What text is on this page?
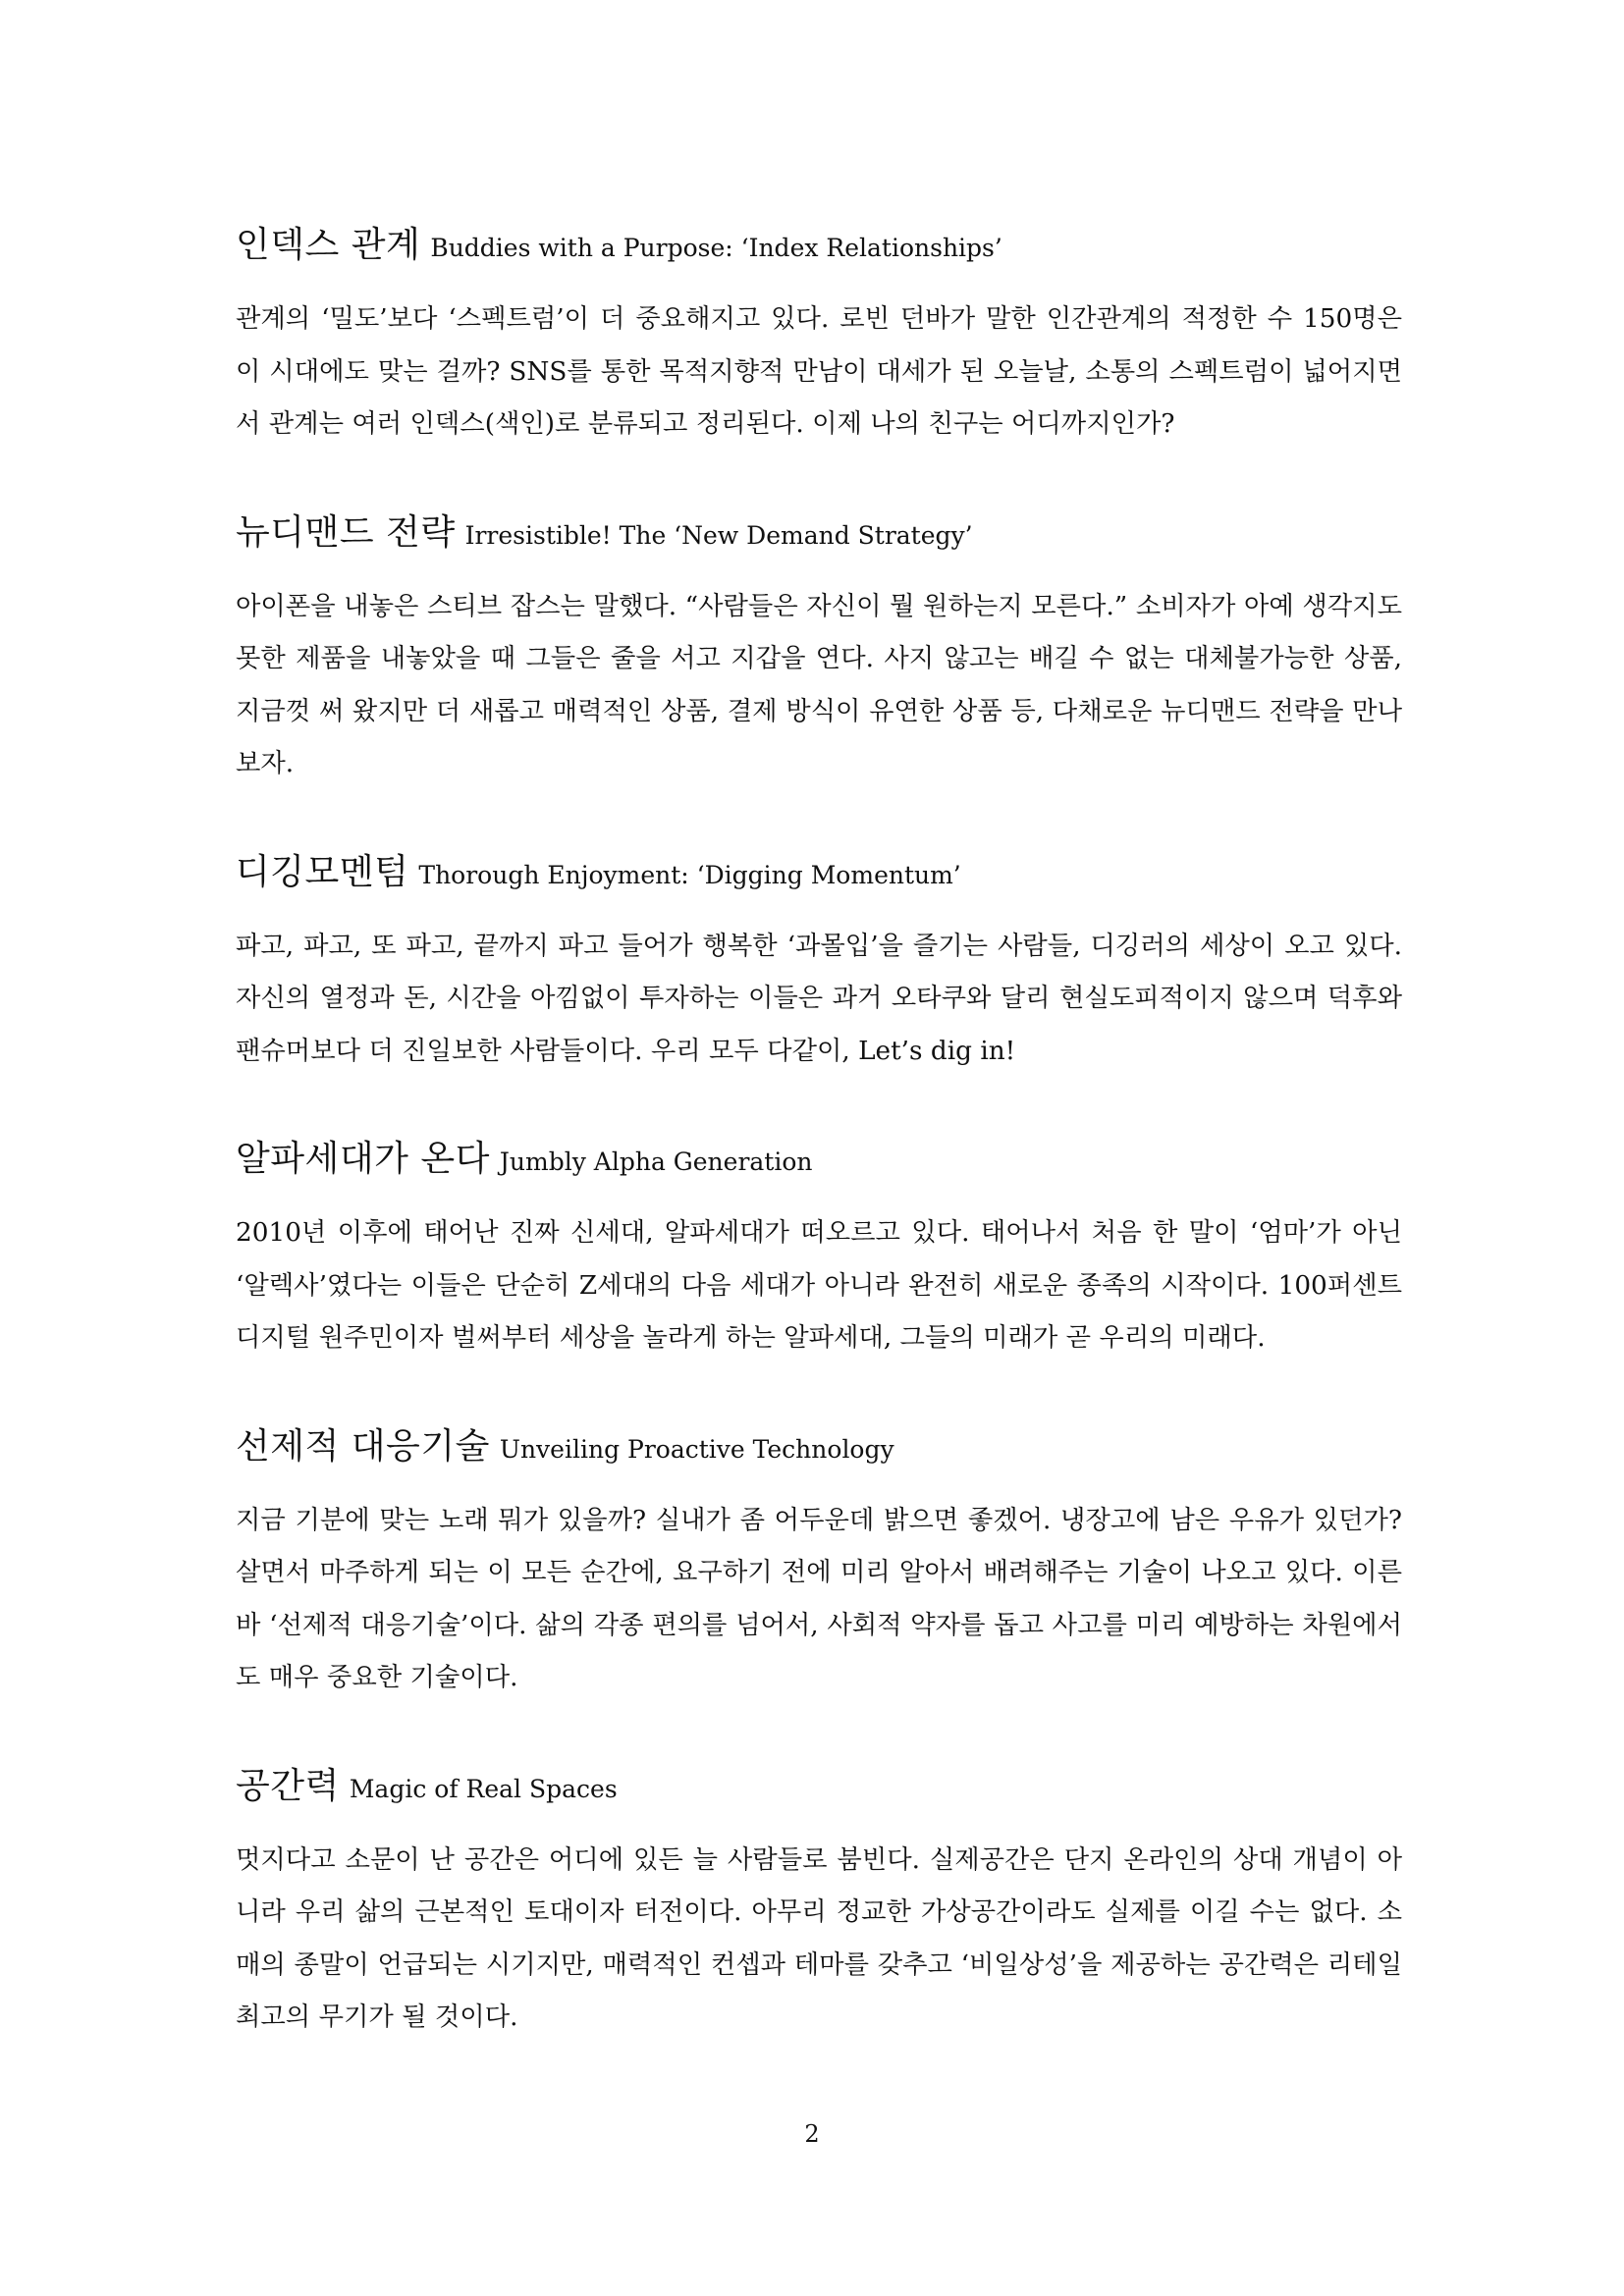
인덱스 관계 Buddies with a Purpose: ‘Index Relationships’

관계의 ‘밀도’보다 ‘스펙트럼’이 더 중요해지고 있다. 로빈 던바가 말한 인간관계의 적정한 수 150명은 이 시대에도 맞는 걸까? SNS를 통한 목적지향적 만남이 대세가 된 오늘날, 소통의 스펙트럼이 넓어지면서 관계는 여러 인덱스(색인)로 분류되고 정리된다. 이제 나의 친구는 어디까지인가?

뉴디맨드 전략 Irresistible! The ‘New Demand Strategy’

아이폰을 내놓은 스티브 잡스는 말했다. “사람들은 자신이 뭘 원하는지 모른다.” 소비자가 아예 생각지도 못한 제품을 내놓았을 때 그들은 줄을 서고 지갑을 연다. 사지 않고는 배길 수 없는 대체불가능한 상품, 지금껏 써 왔지만 더 새롭고 매력적인 상품, 결제 방식이 유연한 상품 등, 다채로운 뉴디맨드 전략을 만나보자.

디깅모멘텀 Thorough Enjoyment: ‘Digging Momentum’

파고, 파고, 또 파고, 끝까지 파고 들어가 행복한 ‘과몰입’을 즐기는 사람들, 디깅러의 세상이 오고 있다. 자신의 열정과 돈, 시간을 아낌없이 투자하는 이들은 과거 오타쿠와 달리 현실도피적이지 않으며 덕후와 팬슈머보다 더 진일보한 사람들이다. 우리 모두 다같이, Let’s dig in!

알파세대가 온다 Jumbly Alpha Generation

2010년 이후에 태어난 진짜 신세대, 알파세대가 떠오르고 있다. 태어나서 처음 한 말이 ‘엄마’가 아닌 ‘알렉사’였다는 이들은 단순히 Z세대의 다음 세대가 아니라 완전히 새로운 종족의 시작이다. 100퍼센트 디지털 원주민이자 벌써부터 세상을 놀라게 하는 알파세대, 그들의 미래가 곧 우리의 미래다.

선제적 대응기술 Unveiling Proactive Technology

지금 기분에 맞는 노래 뭐가 있을까? 실내가 좀 어두운데 밝으면 좋겠어. 냉장고에 남은 우유가 있던가? 살면서 마주하게 되는 이 모든 순간에, 요구하기 전에 미리 알아서 배려해주는 기술이 나오고 있다. 이른바 ‘선제적 대응기술’이다. 삶의 각종 편의를 넘어서, 사회적 약자를 돕고 사고를 미리 예방하는 차원에서도 매우 중요한 기술이다.

공간력 Magic of Real Spaces

멋지다고 소문이 난 공간은 어디에 있든 늘 사람들로 붐빈다. 실제공간은 단지 온라인의 상대 개념이 아니라 우리 삶의 근본적인 토대이자 터전이다. 아무리 정교한 가상공간이라도 실제를 이길 수는 없다. 소매의 종말이 언급되는 시기지만, 매력적인 컨셉과 테마를 갖추고 ‘비일상성’을 제공하는 공간력은 리테일 최고의 무기가 될 것이다.

2
